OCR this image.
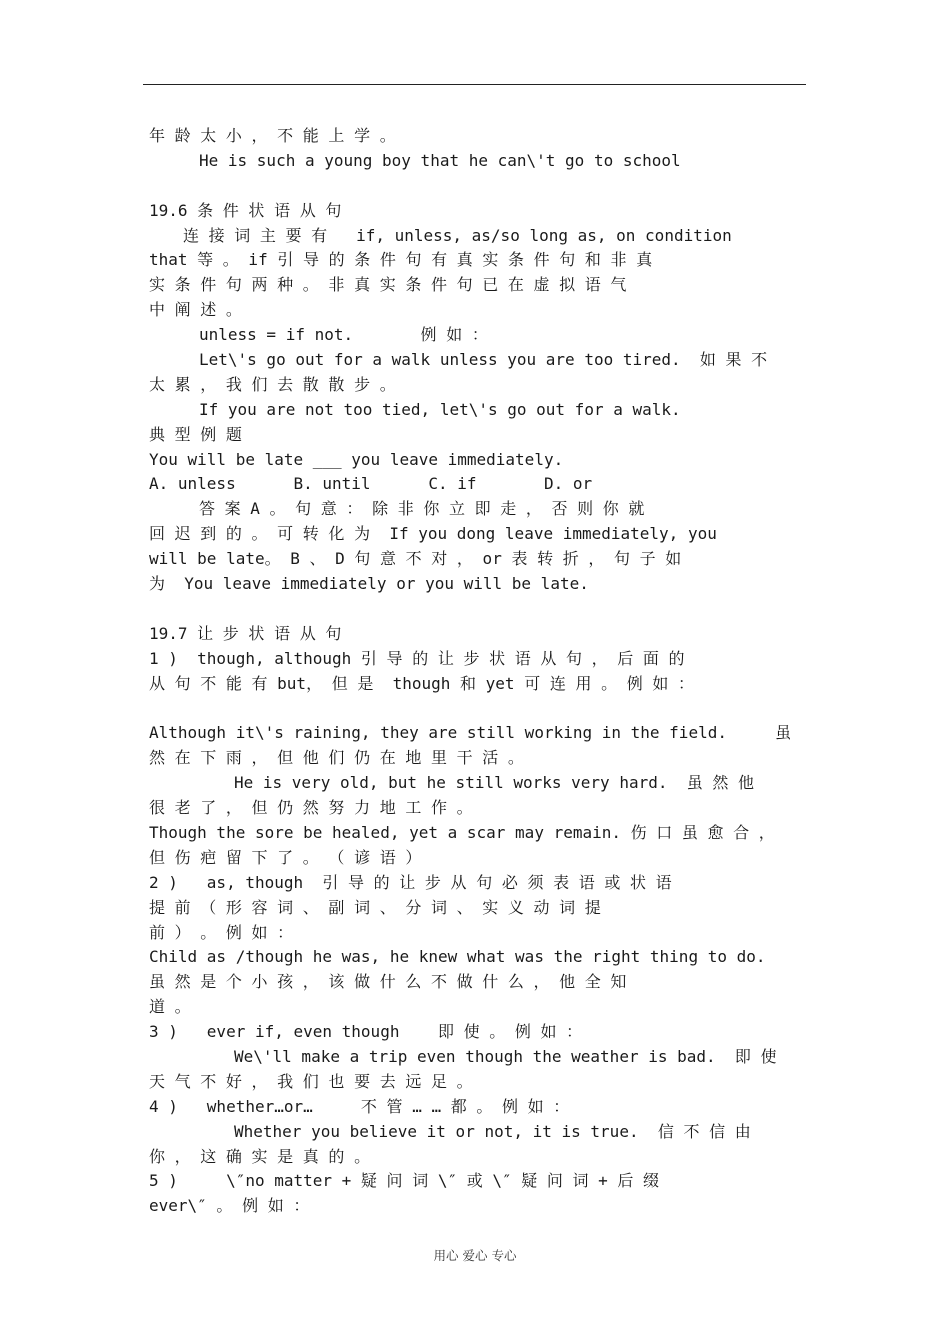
年 龄 太 小 ， 不 能 上 学 。
He is such a young boy that he can\'t go to school
19.6 条 件 状 语 从 句
连 接 词 主 要 有   if, unless, as/so long as, on condition
that 等 。 if 引 导 的 条 件 句 有 真 实 条 件 句 和 非 真
实 条 件 句 两 种 。 非 真 实 条 件 句 已 在 虚 拟 语 气
中 阐 述 。
unless = if not.       例 如 ：
Let\'s go out for a walk unless you are too tired.  如 果 不
太 累 ， 我 们 去 散 散 步 。
If you are not too tied, let\'s go out for a walk.
典 型 例 题
You will be late ___ you leave immediately.
A. unless      B. until      C. if       D. or
答 案 A 。 句 意 ： 除 非 你 立 即 走 ， 否 则 你 就
回 迟 到 的 。 可 转 化 为  If you dong leave immediately, you
will be late。 B 、 D 句 意 不 对 ， or 表 转 折 ， 句 子 如
为  You leave immediately or you will be late.
19.7 让 步 状 语 从 句
1 )  though, although 引 导 的 让 步 状 语 从 句 ， 后 面 的
从 句 不 能 有 but， 但 是  though 和 yet 可 连 用 。 例 如 ：
Although it\'s raining, they are still working in the field.     虽
然 在 下 雨 ， 但 他 们 仍 在 地 里 干 活 。
He is very old, but he still works very hard.  虽 然 他
很 老 了 ， 但 仍 然 努 力 地 工 作 。
Though the sore be healed, yet a scar may remain. 伤 口 虽 愈 合 ，
但 伤 疤 留 下 了 。 （ 谚 语 ）
2 )   as, though  引 导 的 让 步 从 句 必 须 表 语 或 状 语
提 前 （ 形 容 词 、 副 词 、 分 词 、 实 义 动 词 提
前 ） 。 例 如 ：
Child as /though he was, he knew what was the right thing to do.
虽 然 是 个 小 孩 ， 该 做 什 么 不 做 什 么 ， 他 全 知
道 。
3 )   ever if, even though    即 使 。 例 如 ：
We\'ll make a trip even though the weather is bad.  即 使
天 气 不 好 ， 我 们 也 要 去 远 足 。
4 )   whether…or…     不 管 … … 都 。 例 如 ：
Whether you believe it or not, it is true.  信 不 信 由
你 ， 这 确 实 是 真 的 。
5 )     \″no matter + 疑 问 词 \″ 或 \″ 疑 问 词 + 后 缀
ever\″ 。 例 如 ：
用心 爱心 专心
